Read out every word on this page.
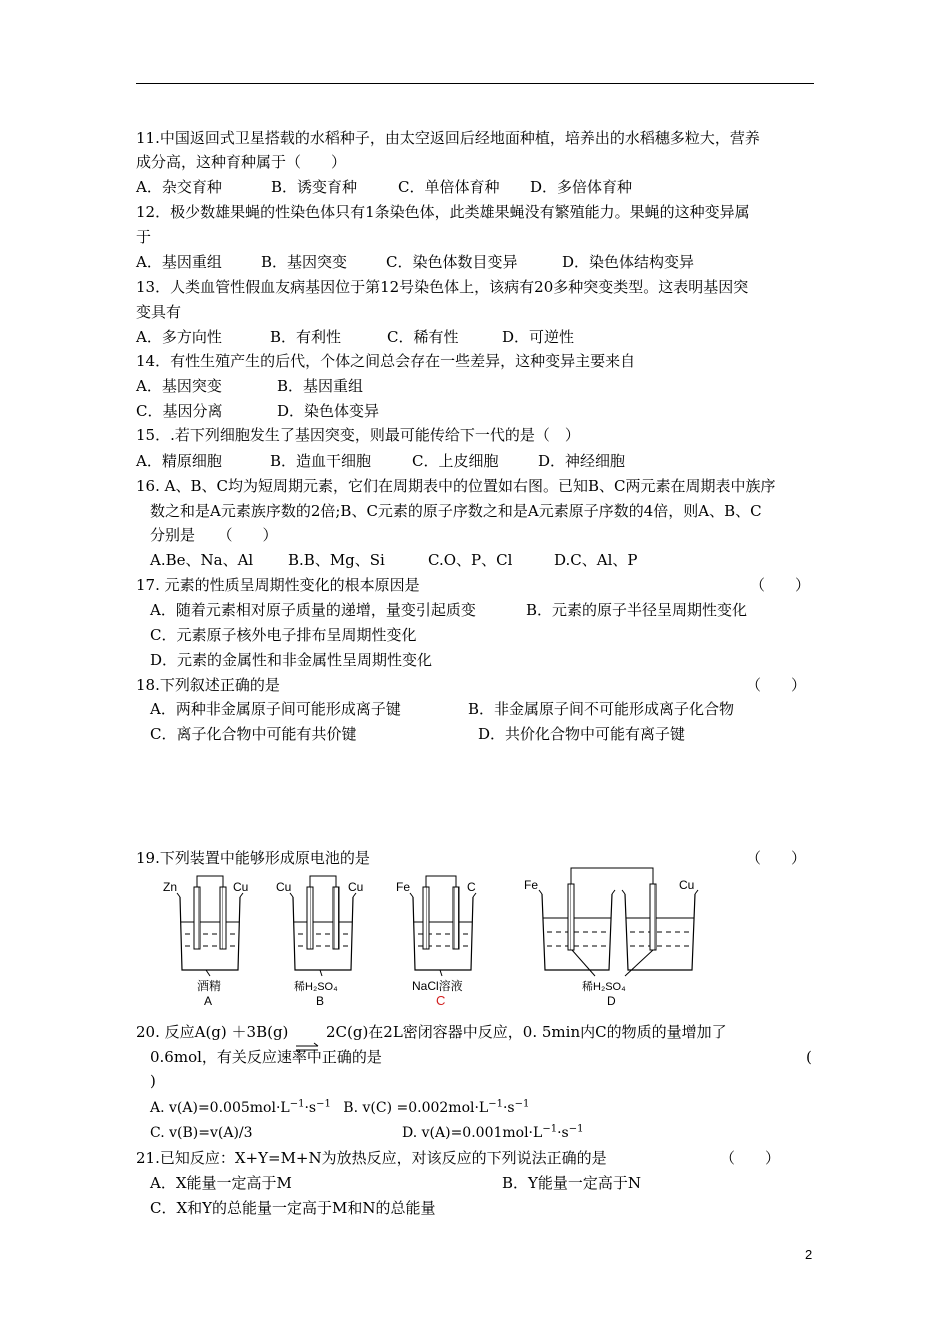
11.中国返回式卫星搭载的水稻种子，由太空返回后经地面种植，培养出的水稻穗多粒大，营养
成分高，这种育种属于（　　）
A．杂交育种	B．诱变育种	C．单倍体育种 D．多倍体育种
12．极少数雄果蝇的性染色体只有1条染色体，此类雄果蝇没有繁殖能力。果蝇的这种变异属
于
A．基因重组	B．基因突变	C．染色体数目变异	D．染色体结构变异
13．人类血管性假血友病基因位于第12号染色体上，该病有20多种突变类型。这表明基因突
变具有
A．多方向性	B．有利性	C．稀有性	D．可逆性
14．有性生殖产生的后代，个体之间总会存在一些差异，这种变异主要来自
A．基因突变	B．基因重组
C．基因分离	D．染色体变异
15．.若下列细胞发生了基因突变，则最可能传给下一代的是（　）
A．精原细胞	B．造血干细胞	C．上皮细胞	D．神经细胞
16. A、B、C均为短周期元素，它们在周期表中的位置如右图。已知B、C两元素在周期表中族序
数之和是A元素族序数的2倍;B、C元素的原子序数之和是A元素原子序数的4倍，则A、B、C
分别是　　（　　）
A.Be、Na、Al B.B、Mg、Si	C.O、P、Cl	D.C、Al、P
17. 元素的性质呈周期性变化的根本原因是	（　　）
A．随着元素相对原子质量的递增，量变引起质变	B．元素的原子半径呈周期性变化
C．元素原子核外电子排布呈周期性变化
D．元素的金属性和非金属性呈周期性变化
18.下列叙述正确的是	（　　）
A．两种非金属原子间可能形成离子键	B．非金属原子间不可能形成离子化合物
C．离子化合物中可能有共价键	D．共价化合物中可能有离子键
19.下列装置中能够形成原电池的是	（　　）
Zn	Cu
酒精
A
Cu	Cu
稀H₂SO₄
B
Fe	C
NaCl溶液
C
Fe	Cu
稀H₂SO₄
D
20. 反应A(g) ＋3B(g)	2C(g)在2L密闭容器中反应，0. 5min内C的物质的量增加了
0.6mol，有关反应速率中正确的是	(
)
A. $v(A)=0.005mol\cdot L^{-1}\cdot s^{-1}$ B. $v(C) =0.002mol\cdot L^{-1}\cdot s^{-1}$
C. v(B)=v(A)/3	D. $v(A)=0.001mol\cdot L^{-1}\cdot s^{-1}$
21.已知反应：X+Y=M+N为放热反应，对该反应的下列说法正确的是	（　　）
A．X能量一定高于M	B．Y能量一定高于N
C．X和Y的总能量一定高于M和N的总能量
2
